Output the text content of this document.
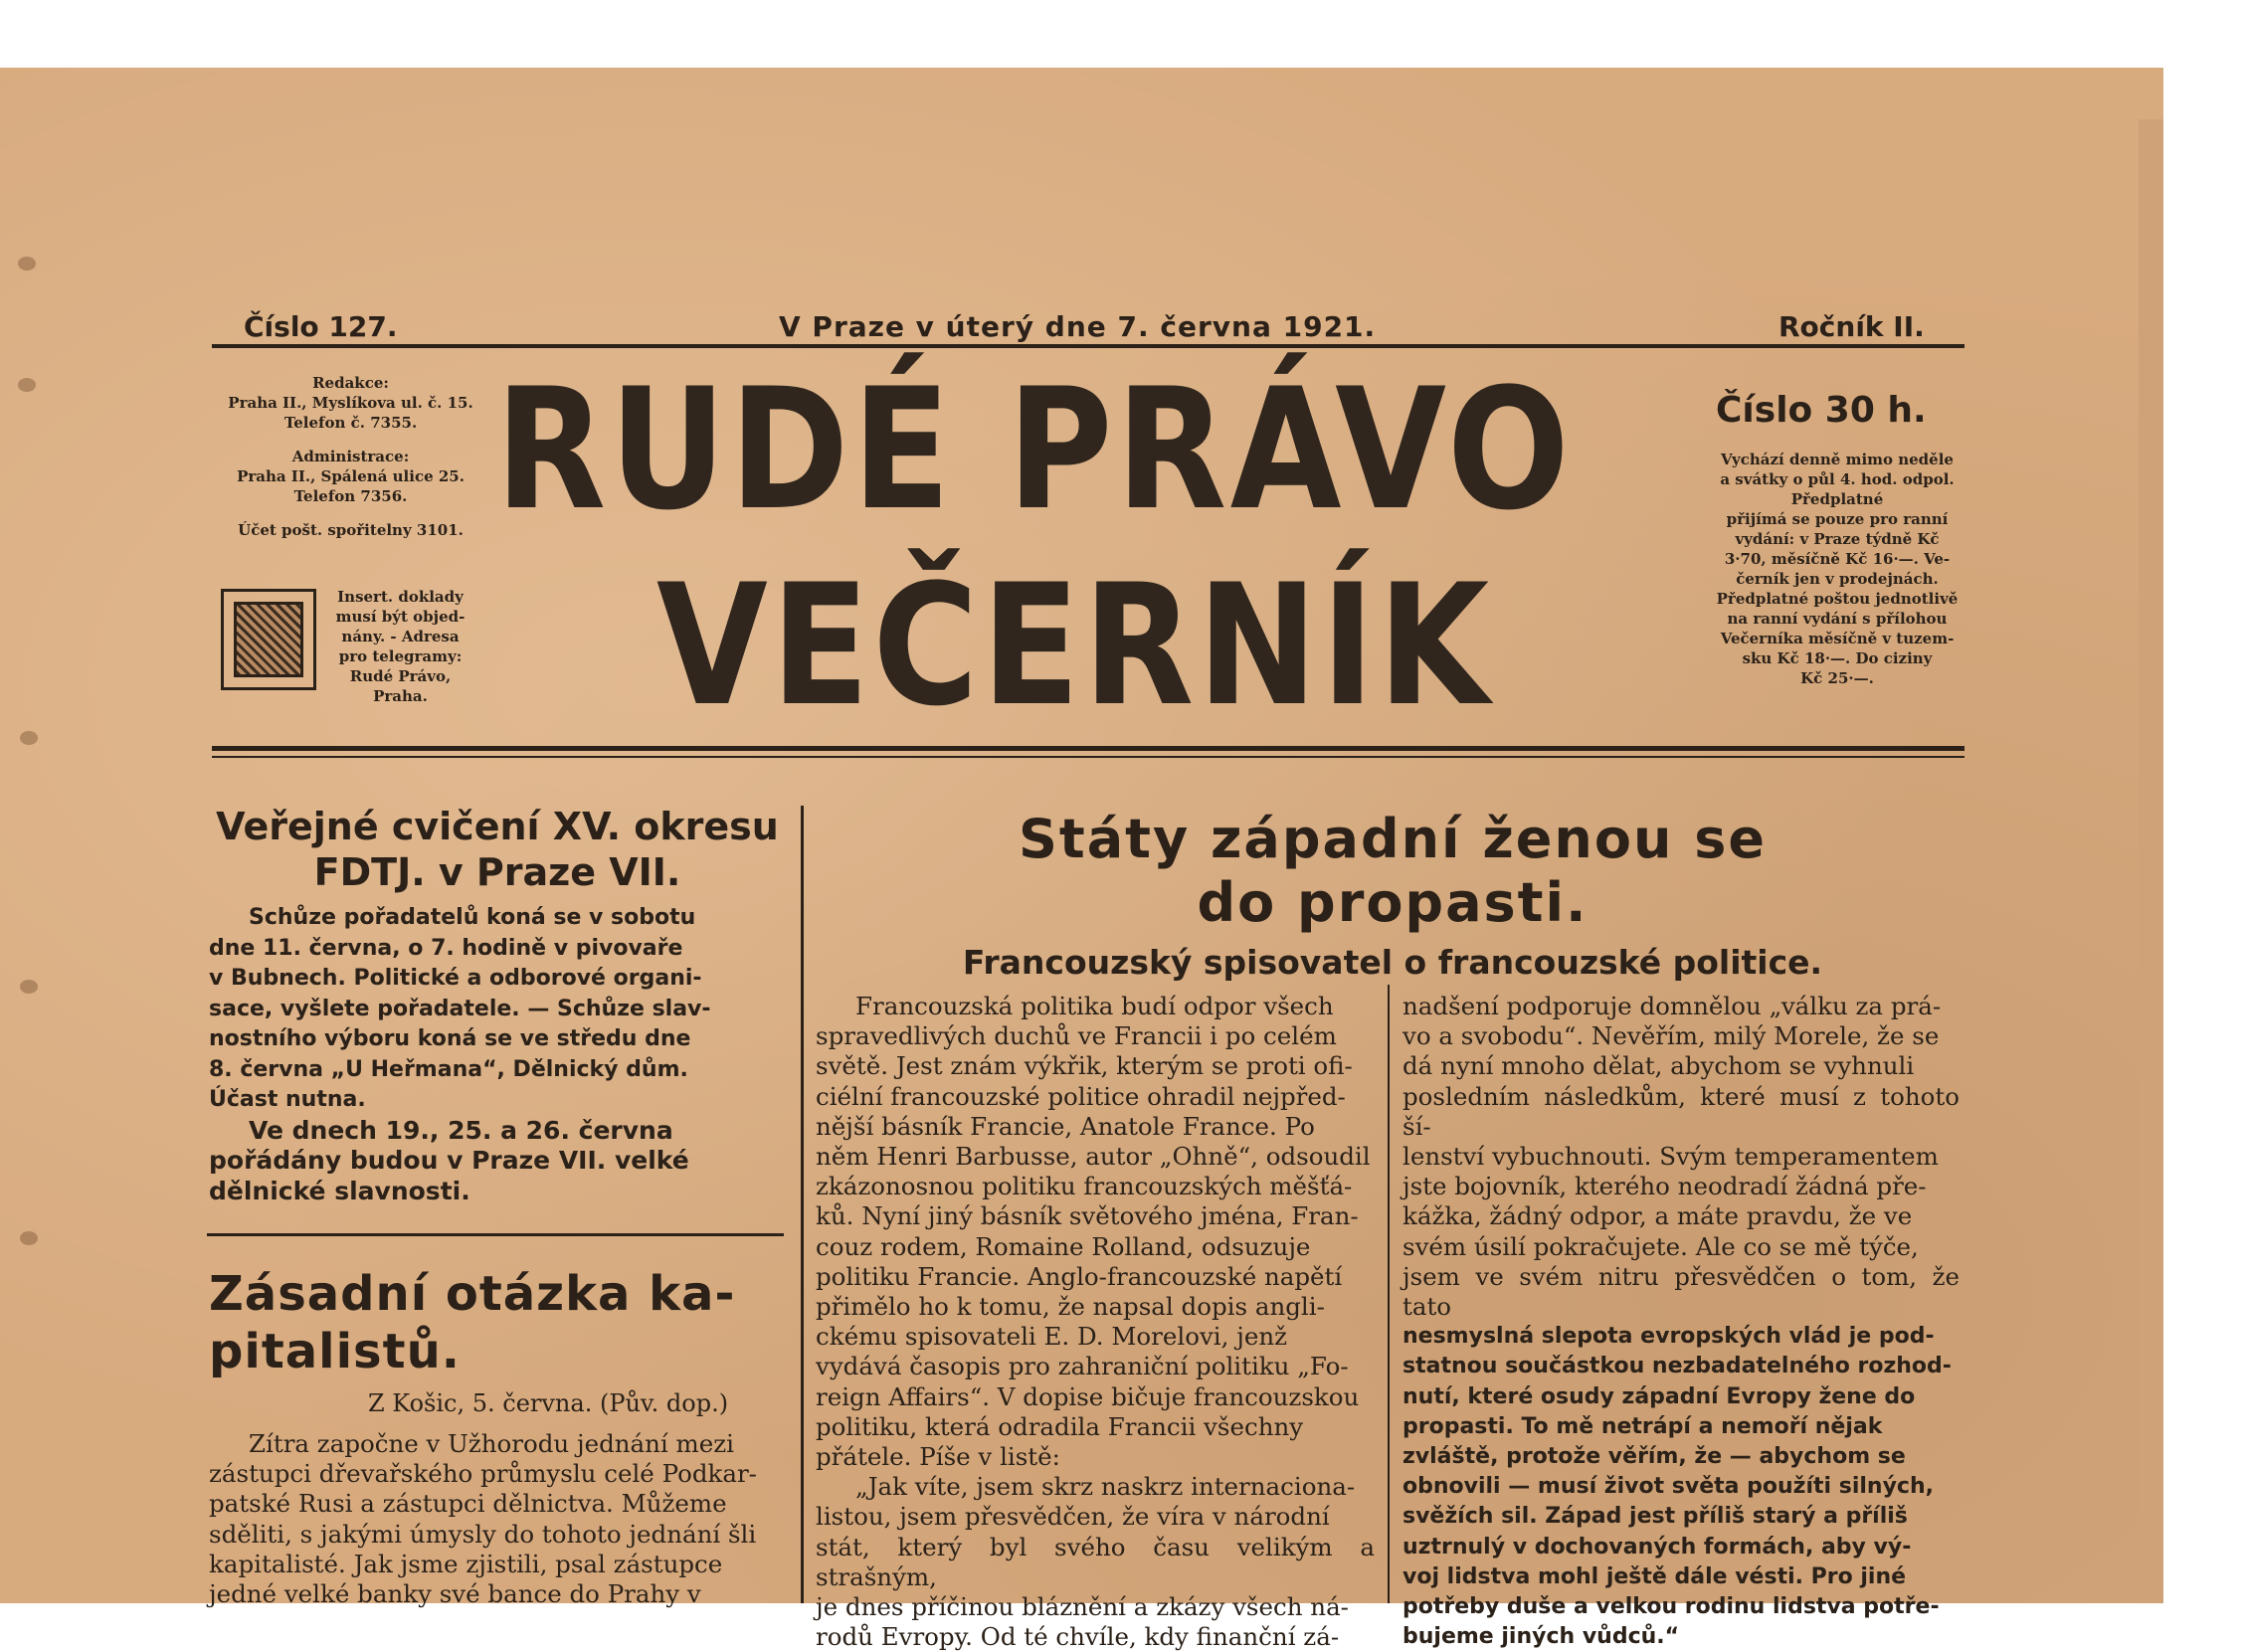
Číslo 127.	V Praze v úterý dne 7. června 1921.	Ročník II.
Redakce:
Praha II., Myslíkova ul. č. 15.
Telefon č. 7355.
Administrace:
Praha II., Spálená ulice 25.
Telefon 7356.
Účet pošt. spořitelny 3101.
Insert. doklady
musí být objed-
nány. - Adresa
pro telegramy:
Rudé Právo,
Praha.
RUDÉ PRÁVO
VEČERNÍK
Číslo 30 h.
Vychází denně mimo neděle
a svátky o půl 4. hod. odpol.
Předplatné
přijímá se pouze pro ranní
vydání: v Praze týdně Kč
3·70, měsíčně Kč 16·—. Ve-
černík jen v prodejnách.
Předplatné poštou jednotlivě
na ranní vydání s přílohou
Večerníka měsíčně v tuzem-
sku Kč 18·—. Do ciziny
Kč 25·—.
Veřejné cvičení XV. okresu
FDTJ. v Praze VII.
Schůze pořadatelů koná se v sobotu
dne 11. června, o 7. hodině v pivovaře
v Bubnech. Politické a odborové organi-
sace, vyšlete pořadatele. — Schůze slav-
nostního výboru koná se ve středu dne
8. června „U Heřmana“, Dělnický dům.
Účast nutna.
Ve dnech 19., 25. a 26. června
pořádány budou v Praze VII. velké
dělnické slavnosti.
Zásadní otázka ka-
pitalistů.
Z Košic, 5. června. (Pův. dop.)
Zítra započne v Užhorodu jednání mezi
zástupci dřevařského průmyslu celé Podkar-
patské Rusi a zástupci dělnictva. Můžeme
sděliti, s jakými úmysly do tohoto jednání šli
kapitalisté. Jak jsme zjistili, psal zástupce
jedné velké banky své bance do Prahy v
Státy západní ženou se
do propasti.
Francouzský spisovatel o francouzské politice.
Francouzská politika budí odpor všech
spravedlivých duchů ve Francii i po celém
světě. Jest znám výkřik, kterým se proti ofi-
ciélní francouzské politice ohradil nejpřed-
nější básník Francie, Anatole France. Po
něm Henri Barbusse, autor „Ohně“, odsoudil
zkázonosnou politiku francouzských měšťá-
ků. Nyní jiný básník světového jména, Fran-
couz rodem, Romaine Rolland, odsuzuje
politiku Francie. Anglo-francouzské napětí
přimělo ho k tomu, že napsal dopis angli-
ckému spisovateli E. D. Morelovi, jenž
vydává časopis pro zahraniční politiku „Fo-
reign Affairs“. V dopise bičuje francouzskou
politiku, která odradila Francii všechny
přátele. Píše v listě:
„Jak víte, jsem skrz naskrz internaciona-
listou, jsem přesvědčen, že víra v národní
stát, který byl svého času velikým a strašným,
je dnes příčinou bláznění a zkázy všech ná-
rodů Evropy. Od té chvíle, kdy finanční zá-
nadšení podporuje domnělou „válku za prá-
vo a svobodu“. Nevěřím, milý Morele, že se
dá nyní mnoho dělat, abychom se vyhnuli
posledním následkům, které musí z tohoto ší-
lenství vybuchnouti. Svým temperamentem
jste bojovník, kterého neodradí žádná pře-
kážka, žádný odpor, a máte pravdu, že ve
svém úsilí pokračujete. Ale co se mě týče,
jsem ve svém nitru přesvědčen o tom, že tato
nesmyslná slepota evropských vlád je pod-
statnou součástkou nezbadatelného rozhod-
nutí, které osudy západní Evropy žene do
propasti. To mě netrápí a nemoří nějak
zvláště, protože věřím, že — abychom se
obnovili — musí život světa použíti silných,
svěžích sil. Západ jest příliš starý a příliš
uztrnulý v dochovaných formách, aby vý-
voj lidstva mohl ještě dále vésti. Pro jiné
potřeby duše a velkou rodinu lidstva potře-
bujeme jiných vůdců.“
